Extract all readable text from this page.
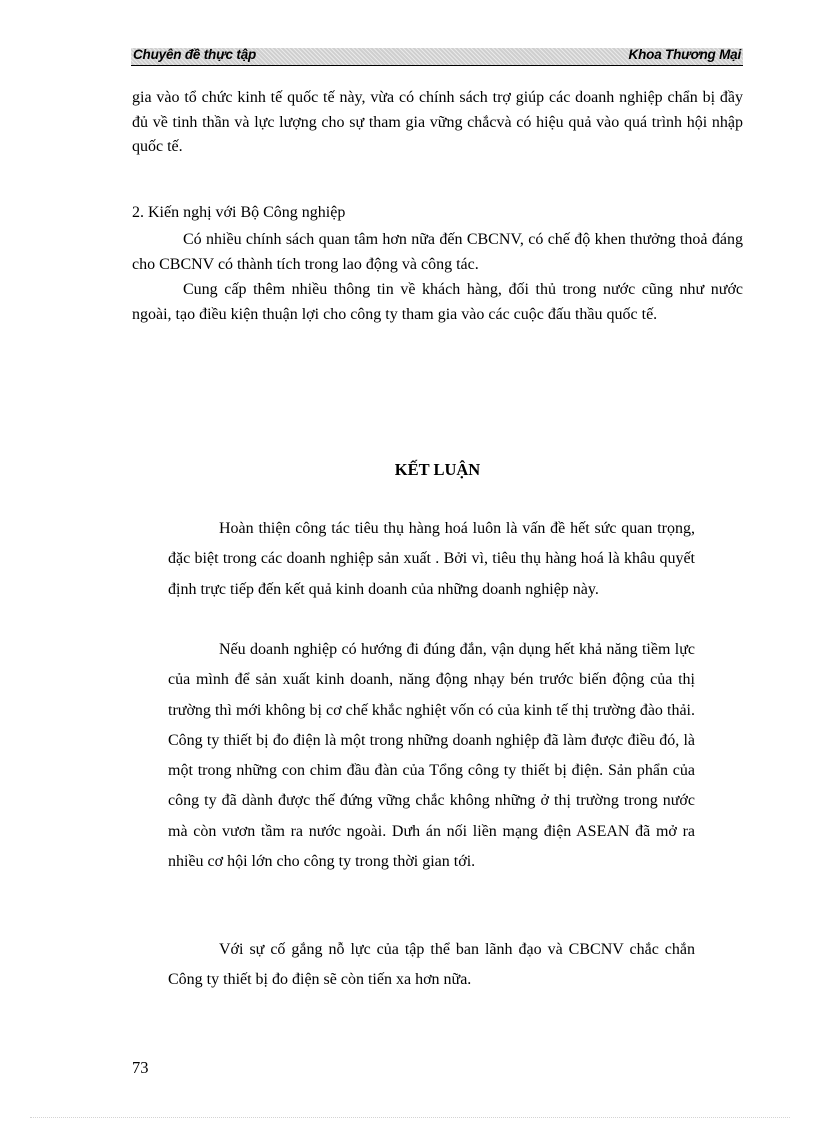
Chuyên đề thực tập	Khoa Thương Mại

gia vào tổ chức kinh tế quốc tế này, vừa có chính sách trợ giúp các doanh nghiệp chẩn bị đầy đủ về tinh thần và lực lượng cho sự tham gia vững chắcvà có hiệu quả vào quá trình hội nhập quốc tế.

2. Kiến nghị với Bộ Công nghiệp

Có nhiều chính sách quan tâm hơn nữa đến CBCNV, có chế độ khen thưởng thoả đáng cho CBCNV có thành tích trong lao động và công tác.

Cung cấp thêm nhiều thông tin về khách hàng, đối thủ trong nước cũng như nước ngoài, tạo điều kiện thuận lợi cho công ty tham gia vào các cuộc đấu thầu quốc tế.

KẾT LUẬN

Hoàn thiện công tác tiêu thụ hàng hoá luôn là vấn đề hết sức quan trọng, đặc biệt trong các doanh nghiệp sản xuất . Bởi vì, tiêu thụ hàng hoá là khâu quyết định trực tiếp đến kết quả kinh doanh của những doanh nghiệp này.

Nếu doanh nghiệp có hướng đi đúng đắn, vận dụng hết khả năng tiềm lực của mình để sản xuất kinh doanh, năng động nhạy bén trước biến động của thị trường thì mới không bị cơ chế khắc nghiệt vốn có của kinh tế thị trường đào thải. Công ty thiết bị đo điện là một trong những doanh nghiệp đã làm được điều đó, là một trong những con chim đầu đàn của Tổng công ty thiết bị điện. Sản phẩn của công ty đã dành được thế đứng vững chắc không những ở thị trường trong nước mà còn vươn tầm ra nước ngoài. Dưh án nối liền mạng điện ASEAN đã mở ra nhiều cơ hội lớn cho công ty trong thời gian tới.

Với sự cố gắng nỗ lực của tập thể ban lãnh đạo và CBCNV chắc chắn Công ty thiết bị đo điện sẽ còn tiến xa hơn nữa.

73
